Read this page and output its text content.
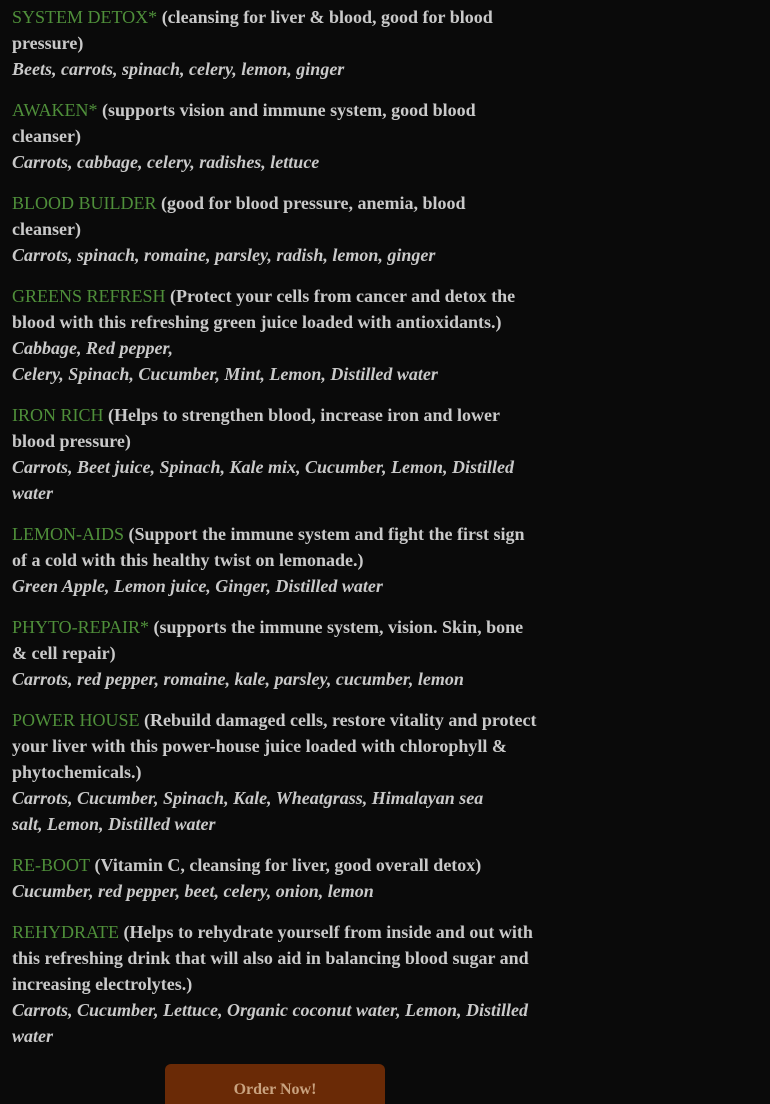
SYSTEM DETOX* (cleansing for liver & blood, good for blood pressure)
Beets, carrots, spinach, celery, lemon, ginger
AWAKEN* (supports vision and immune system, good blood cleanser)
Carrots, cabbage, celery, radishes, lettuce
BLOOD BUILDER (good for blood pressure, anemia, blood cleanser)
Carrots, spinach, romaine, parsley, radish, lemon, ginger
GREENS REFRESH (Protect your cells from cancer and detox the blood with this refreshing green juice loaded with antioxidants.)
Cabbage, Red pepper,
Celery, Spinach, Cucumber, Mint, Lemon, Distilled water
IRON RICH (Helps to strengthen blood, increase iron and lower blood pressure)
Carrots, Beet juice, Spinach, Kale mix, Cucumber, Lemon, Distilled water
LEMON-AIDS (Support the immune system and fight the first sign of a cold with this healthy twist on lemonade.)
Green Apple, Lemon juice, Ginger, Distilled water
PHYTO-REPAIR* (supports the immune system, vision. Skin, bone & cell repair)
Carrots, red pepper, romaine, kale, parsley, cucumber, lemon
POWER HOUSE (Rebuild damaged cells, restore vitality and protect your liver with this power-house juice loaded with chlorophyll & phytochemicals.)
Carrots, Cucumber, Spinach, Kale, Wheatgrass, Himalayan sea salt, Lemon, Distilled water
RE-BOOT (Vitamin C, cleansing for liver, good overall detox)
Cucumber, red pepper, beet, celery, onion, lemon
REHYDRATE (Helps to rehydrate yourself from inside and out with this refreshing drink that will also aid in balancing blood sugar and increasing electrolytes.)
Carrots, Cucumber, Lettuce, Organic coconut water, Lemon, Distilled water
Order Now!
